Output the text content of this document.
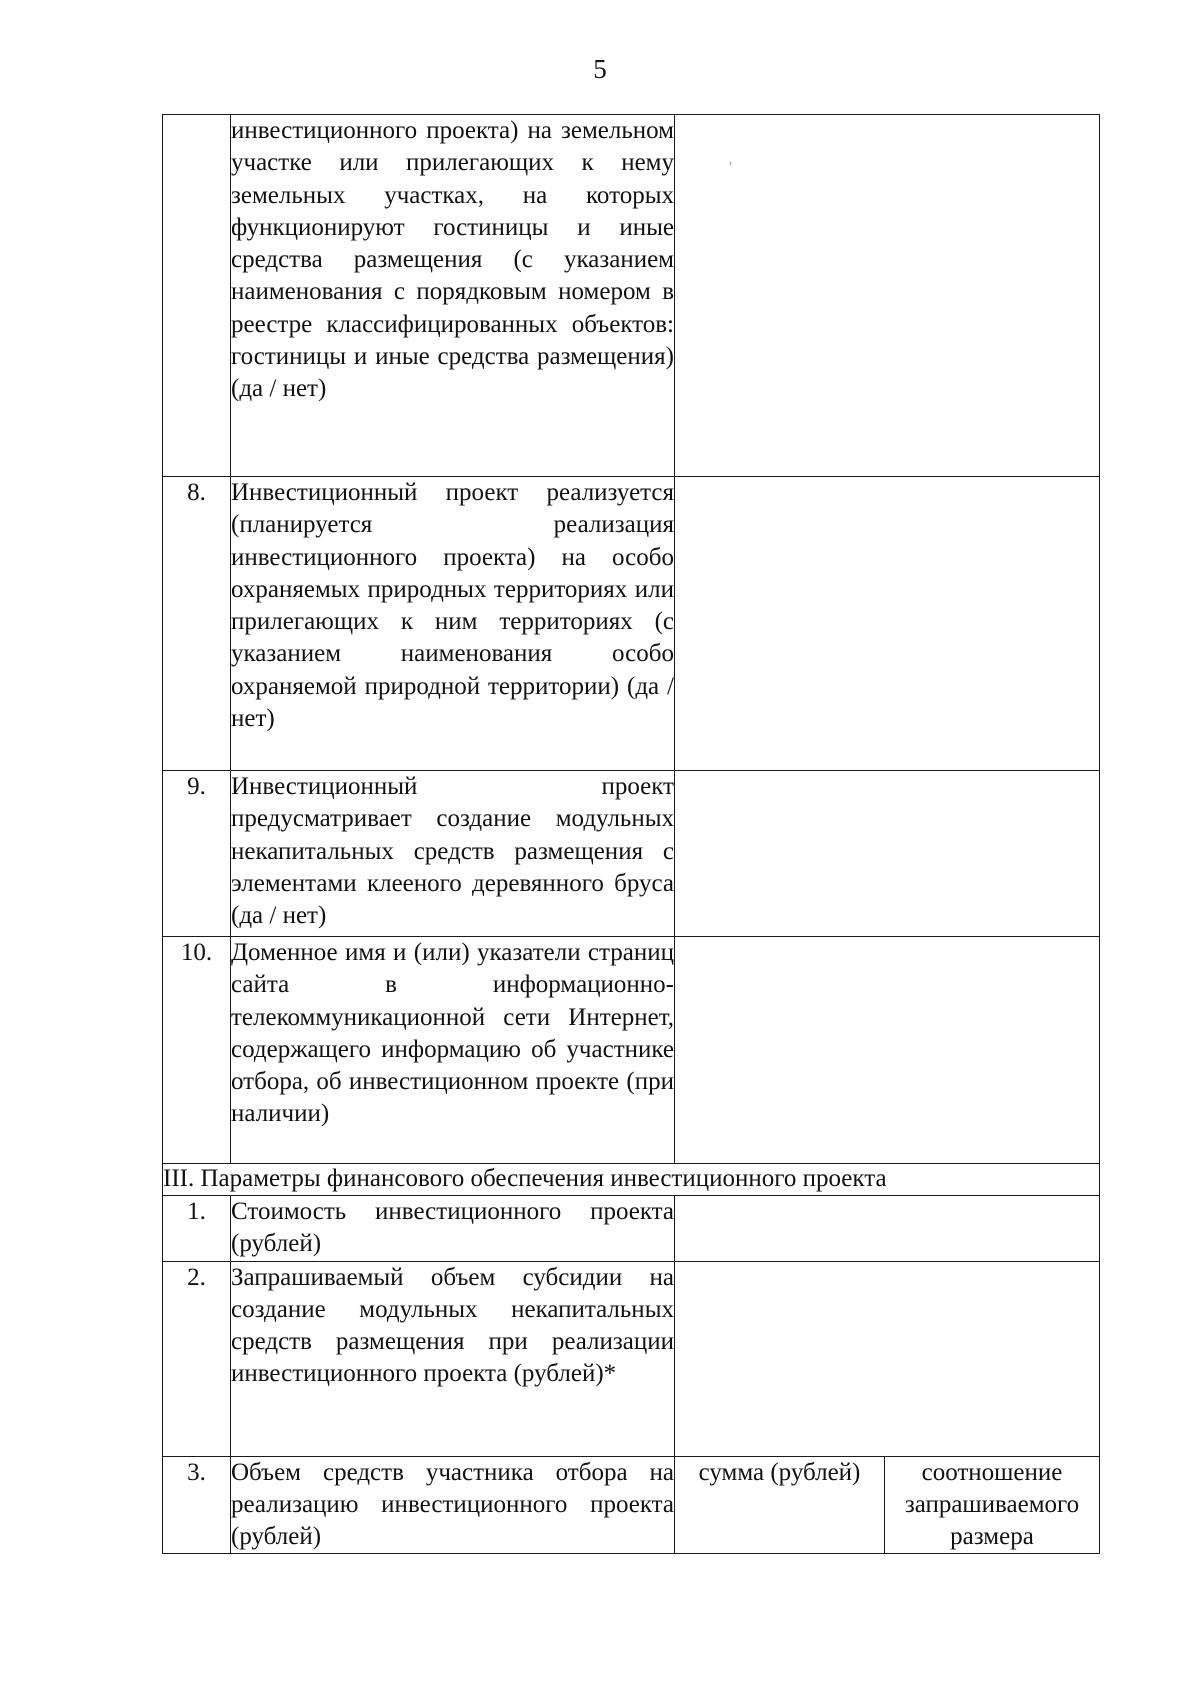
5
	инвестиционного проекта) на земельном участке или прилегающих к нему земельных участках, на которых функционируют гостиницы и иные средства размещения (с указанием наименования с порядковым номером в реестре классифицированных объектов: гостиницы и иные средства размещения) (да / нет)		
8.	Инвестиционный проект реализуется (планируется реализация инвестиционного проекта) на особо охраняемых природных территориях или прилегающих к ним территориях (с указанием наименования особо охраняемой природной территории) (да / нет)		
9.	Инвестиционный проект предусматривает создание модульных некапитальных средств размещения с элементами клееного деревянного бруса (да / нет)		
10.	Доменное имя и (или) указатели страниц сайта в информационно-телекоммуникационной сети Интернет, содержащего информацию об участнике отбора, об инвестиционном проекте (при наличии)		
III. Параметры финансового обеспечения инвестиционного проекта			
1.	Стоимость инвестиционного проекта (рублей)		
2.	Запрашиваемый объем субсидии на создание модульных некапитальных средств размещения при реализации инвестиционного проекта (рублей)*		
3.	Объем средств участника отбора на реализацию инвестиционного проекта (рублей)	сумма (рублей)	соотношение запрашиваемого размера
ʼ
